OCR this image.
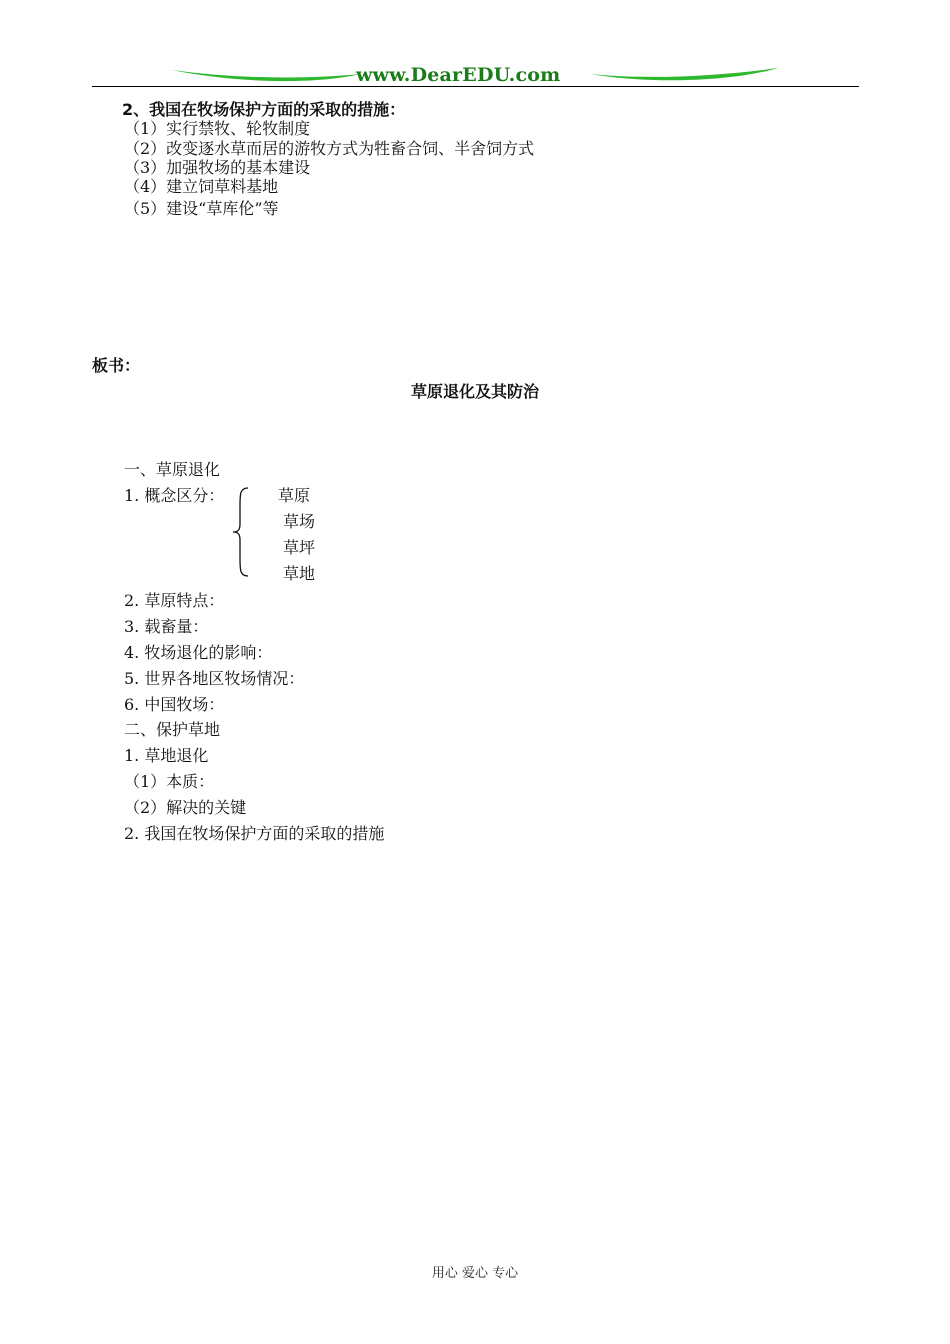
www.DearEDU.com
2、我国在牧场保护方面的采取的措施：
（1）实行禁牧、轮牧制度
（2）改变逐水草而居的游牧方式为牲畜合饲、半舍饲方式
（3）加强牧场的基本建设
（4）建立饲草料基地
（5）建设“草库伦”等
板书：
草原退化及其防治
一、草原退化
1. 概念区分：	草原
草场
草坪
草地
2. 草原特点：
3. 载畜量：
4. 牧场退化的影响：
5. 世界各地区牧场情况：
6. 中国牧场：
二、保护草地
1. 草地退化
（1）本质：
（2）解决的关键
2. 我国在牧场保护方面的采取的措施
用心 爱心 专心
